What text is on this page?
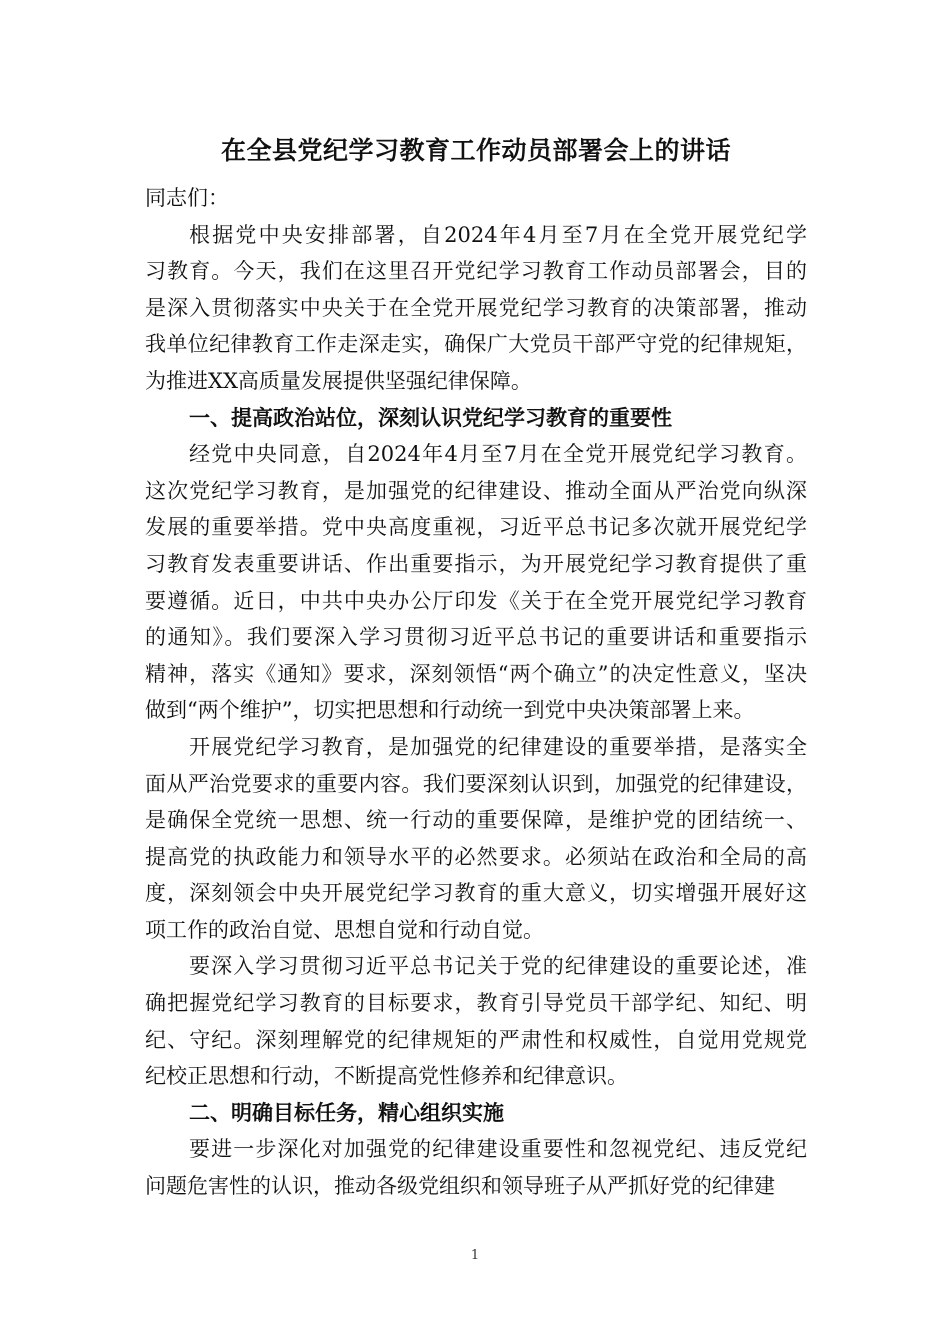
在全县党纪学习教育工作动员部署会上的讲话
同志们：
根据党中央安排部署，自2024年4月至7月在全党开展党纪学
习教育。今天，我们在这里召开党纪学习教育工作动员部署会，目的
是深入贯彻落实中央关于在全党开展党纪学习教育的决策部署，推动
我单位纪律教育工作走深走实，确保广大党员干部严守党的纪律规矩，
为推进XX高质量发展提供坚强纪律保障。
一、提高政治站位，深刻认识党纪学习教育的重要性
经党中央同意，自2024年4月至7月在全党开展党纪学习教育。
这次党纪学习教育，是加强党的纪律建设、推动全面从严治党向纵深
发展的重要举措。党中央高度重视，习近平总书记多次就开展党纪学
习教育发表重要讲话、作出重要指示，为开展党纪学习教育提供了重
要遵循。近日，中共中央办公厅印发《关于在全党开展党纪学习教育
的通知》。我们要深入学习贯彻习近平总书记的重要讲话和重要指示
精神，落实《通知》要求，深刻领悟“两个确立”的决定性意义，坚决
做到“两个维护”，切实把思想和行动统一到党中央决策部署上来。
开展党纪学习教育，是加强党的纪律建设的重要举措，是落实全
面从严治党要求的重要内容。我们要深刻认识到，加强党的纪律建设，
是确保全党统一思想、统一行动的重要保障，是维护党的团结统一、
提高党的执政能力和领导水平的必然要求。必须站在政治和全局的高
度，深刻领会中央开展党纪学习教育的重大意义，切实增强开展好这
项工作的政治自觉、思想自觉和行动自觉。
要深入学习贯彻习近平总书记关于党的纪律建设的重要论述，准
确把握党纪学习教育的目标要求，教育引导党员干部学纪、知纪、明
纪、守纪。深刻理解党的纪律规矩的严肃性和权威性，自觉用党规党
纪校正思想和行动，不断提高党性修养和纪律意识。
二、明确目标任务，精心组织实施
要进一步深化对加强党的纪律建设重要性和忽视党纪、违反党纪
问题危害性的认识，推动各级党组织和领导班子从严抓好党的纪律建
1
